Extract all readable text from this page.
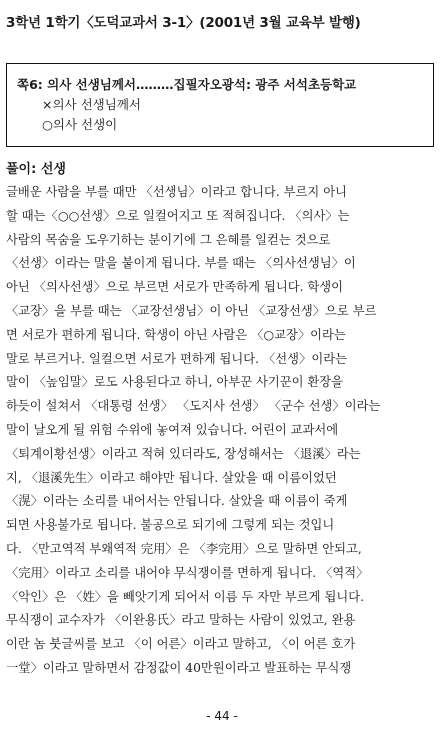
3학년 1학기〈도덕교과서 3-1〉(2001년 3월 교육부 발행)
쪽6: 의사 선생님께서………집필자오광석: 광주 서석초등학교
×의사 선생님께서
○의사 선생이
풀이: 선생
글배운 사람을 부를 때만 〈선생님〉이라고 합니다. 부르지 아니
할 때는〈○○선생〉으로 일컬어지고 또 적혀집니다. 〈의사〉는
사람의 목숨을 도우기하는 분이기에 그 은혜를 일컫는 것으로
〈선생〉이라는 말을 붙이게 됩니다. 부를 때는 〈의사선생님〉이
아닌 〈의사선생〉으로 부르면 서로가 만족하게 됩니다. 학생이
〈교장〉을 부를 때는 〈교장선생님〉이 아닌 〈교장선생〉으로 부르
면 서로가 편하게 됩니다. 학생이 아닌 사람은 〈○교장〉이라는
말로 부르거나. 일컬으면 서로가 편하게 됩니다. 〈선생〉이라는
말이 〈높임말〉로도 사용된다고 하니, 아부꾼 사기꾼이 환장을
하듯이 설쳐서 〈대통령 선생〉 〈도지사 선생〉 〈군수 선생〉이라는
말이 날오게 될 위험 수위에 놓여져 있습니다. 어린이 교과서에
〈퇴계이황선생〉이라고 적혀 있더라도, 장성해서는 〈退溪〉라는
지, 〈退溪先生〉이라고 해야만 됩니다. 살았을 때 이름이었던
〈滉〉이라는 소리를 내어서는 안됩니다. 살았을 때 이름이 죽게
되면 사용불가로 됩니다. 불공으로 되기에 그렇게 되는 것입니
다. 〈만고역적 부왜역적 完用〉은 〈李完用〉으로 말하면 안되고,
〈完用〉이라고 소리를 내어야 무식쟁이를 면하게 됩니다. 〈역적〉
〈악인〉은 〈姓〉을 빼앗기게 되어서 이름 두 자만 부르게 됩니다.
무식쟁이 교수자가 〈이완용氏〉라고 말하는 사람이 있었고, 완용
이란 놈 붓글씨를 보고 〈이 어른〉이라고 말하고, 〈이 어른 호가
一堂〉이라고 말하면서 감정값이 40만원이라고 발표하는 무식쟁
- 44 -
